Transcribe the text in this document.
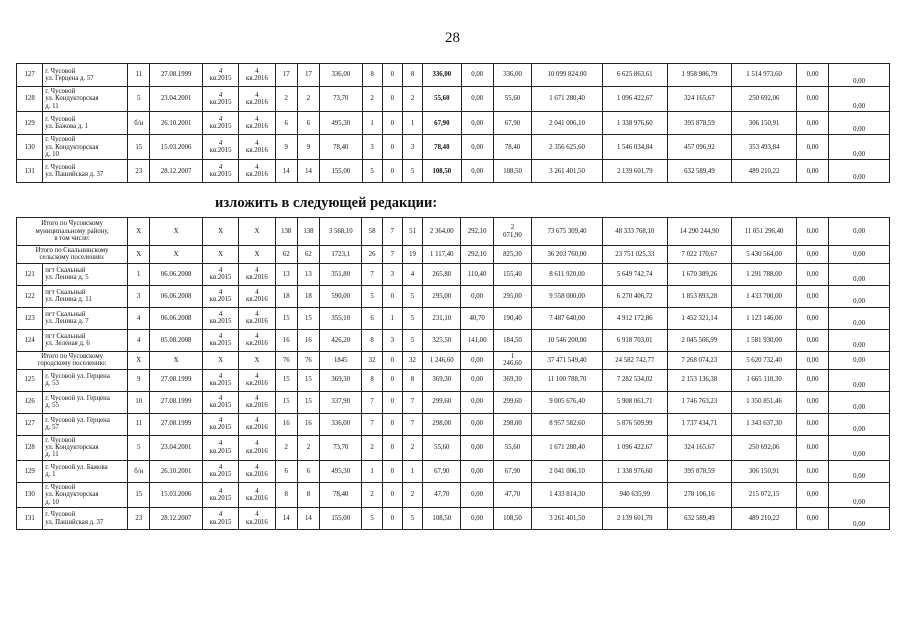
28
127	г. Чусовой
ул. Герцена д. 57	11	27.08.1999	4
кв.2015	4
кв.2016	17	17	336,00	8	0	8	336,00	0,00	336,00	10 099 824,00	6 625 863,61	1 958 986,79	1 514 973,60	0,00	0,00
128	г. Чусовой
ул. Кондукторская
д. 11	5	23.04.2001	4
кв.2015	4
кв.2016	2	2	73,70	2	0	2	55,60	0,00	55,60	1 671 280,40	1 096 422,67	324 165,67	250 692,06	0,00	0,00
129	г. Чусовой
ул. Бажова д. 1	б/н	26.10.2001	4
кв.2015	4
кв.2016	6	6	495,30	1	0	1	67,90	0,00	67,90	2 041 006,10	1 338 976,60	395 878,59	306 150,91	0,00	0,00
130	г. Чусовой
ул. Кондукторская
д. 10	15	15.03.2006	4
кв.2015	4
кв.2016	9	9	78,40	3	0	3	78,40	0,00	78,40	2 356 625,60	1 546 034,84	457 096,92	353 493,84	0,00	0,00
131	г. Чусовой
ул. Пашийская д. 37	23	28.12.2007	4
кв.2015	4
кв.2016	14	14	155,00	5	0	5	108,50	0,00	108,50	3 261 401,50	2 139 601,79	632 589,49	489 210,22	0,00	0,00
изложить в следующей редакции:
Итого по Чусовскому
муниципальному району,
в том числе:		Х	Х	Х	Х	138	138	3 568,10	58	7	51	2 364,00	292,10	2
071,90	73 675 309,40	48 333 768,10	14 290 244,90	11 051 296,40	0,00	0,00
Итого по Скальнинскому
сельскому поселению:		Х	Х	Х	Х	62	62	1723,1	26	7	19	1 117,40	292,10	825,30	36 203 760,00	23 751 025,33	7 022 170,67	5 430 564,00	0,00	0,00
121	пгт Скальный
ул. Ленина д. 5	1	06.06.2008	4
кв.2015	4
кв.2016	13	13	351,80	7	3	4	265,80	110,40	155,40	8 611 920,00	5 649 742,74	1 670 389,26	1 291 788,00	0,00	0,00
122	пгт Скальный
ул. Ленина д. 11	3	06.06.2008	4
кв.2015	4
кв.2016	18	18	590,00	5	0	5	295,00	0,00	295,00	9 558 000,00	6 270 406,72	1 853 893,28	1 433 700,00	0,00	0,00
123	пгт Скальный
ул. Ленина д. 7	4	06.06.2008	4
кв.2015	4
кв.2016	15	15	355,10	6	1	5	231,10	40,70	190,40	7 487 640,00	4 912 172,86	1 452 321,14	1 123 146,00	0,00	0,00
124	пгт Скальный
ул. Зеленая д. 6	4	05.08.2008	4
кв.2015	4
кв.2016	16	16	426,20	8	3	5	325,50	141,00	184,50	10 546 200,00	6 918 703,01	2 045 566,99	1 581 930,00	0,00	0,00
Итого по Чусовскому
городскому поселению:		Х	Х	Х	Х	76	76	1845	32	0	32	1 246,60	0,00	1
246,60	37 471 549,40	24 582 742,77	7 268 074,23	5 620 732,40	0,00	0,00
125	г. Чусовой ул. Герцена
д. 53	9	27.08.1999	4
кв.2015	4
кв.2016	15	15	369,30	8	0	8	369,30	0,00	369,30	11 100 788,70	7 282 534,02	2 153 136,38	1 665 118,30	0,00	0,00
126	г. Чусовой ул. Герцена
д. 55	10	27.08.1999	4
кв.2015	4
кв.2016	15	15	337,90	7	0	7	299,60	0,00	299,60	9 005 676,40	5 908 061,71	1 746 763,23	1 350 851,46	0,00	0,00
127	г. Чусовой ул. Герцена
д. 57	11	27.08.1999	4
кв.2015	4
кв.2016	16	16	336,00	7	0	7	298,00	0,00	298,00	8 957 582,60	5 876 509,99	1 737 434,71	1 343 637,30	0,00	0,00
128	г. Чусовой
ул. Кондукторская
д. 11	5	23.04.2001	4
кв.2015	4
кв.2016	2	2	73,70	2	0	2	55,60	0,00	55,60	1 671 280,40	1 096 422,67	324 165,67	250 692,06	0,00	0,00
129	г. Чусовой ул. Бажова
д. 1	б/н	26.10.2001	4
кв.2015	4
кв.2016	6	6	495,30	1	0	1	67,90	0,00	67,90	2 041 006,10	1 338 976,60	395 878,59	306 150,91	0,00	0,00
130	г. Чусовой
ул. Кондукторская
д. 10	15	15.03.2006	4
кв.2015	4
кв.2016	8	8	78,40	2	0	2	47,70	0,00	47,70	1 433 814,30	940 635,99	278 106,16	215 072,15	0,00	0,00
131	г. Чусовой
ул. Пашийская д. 37	23	28.12.2007	4
кв.2015	4
кв.2016	14	14	155,00	5	0	5	108,50	0,00	108,50	3 261 401,50	2 139 601,79	632 589,49	489 210,22	0,00	0,00
